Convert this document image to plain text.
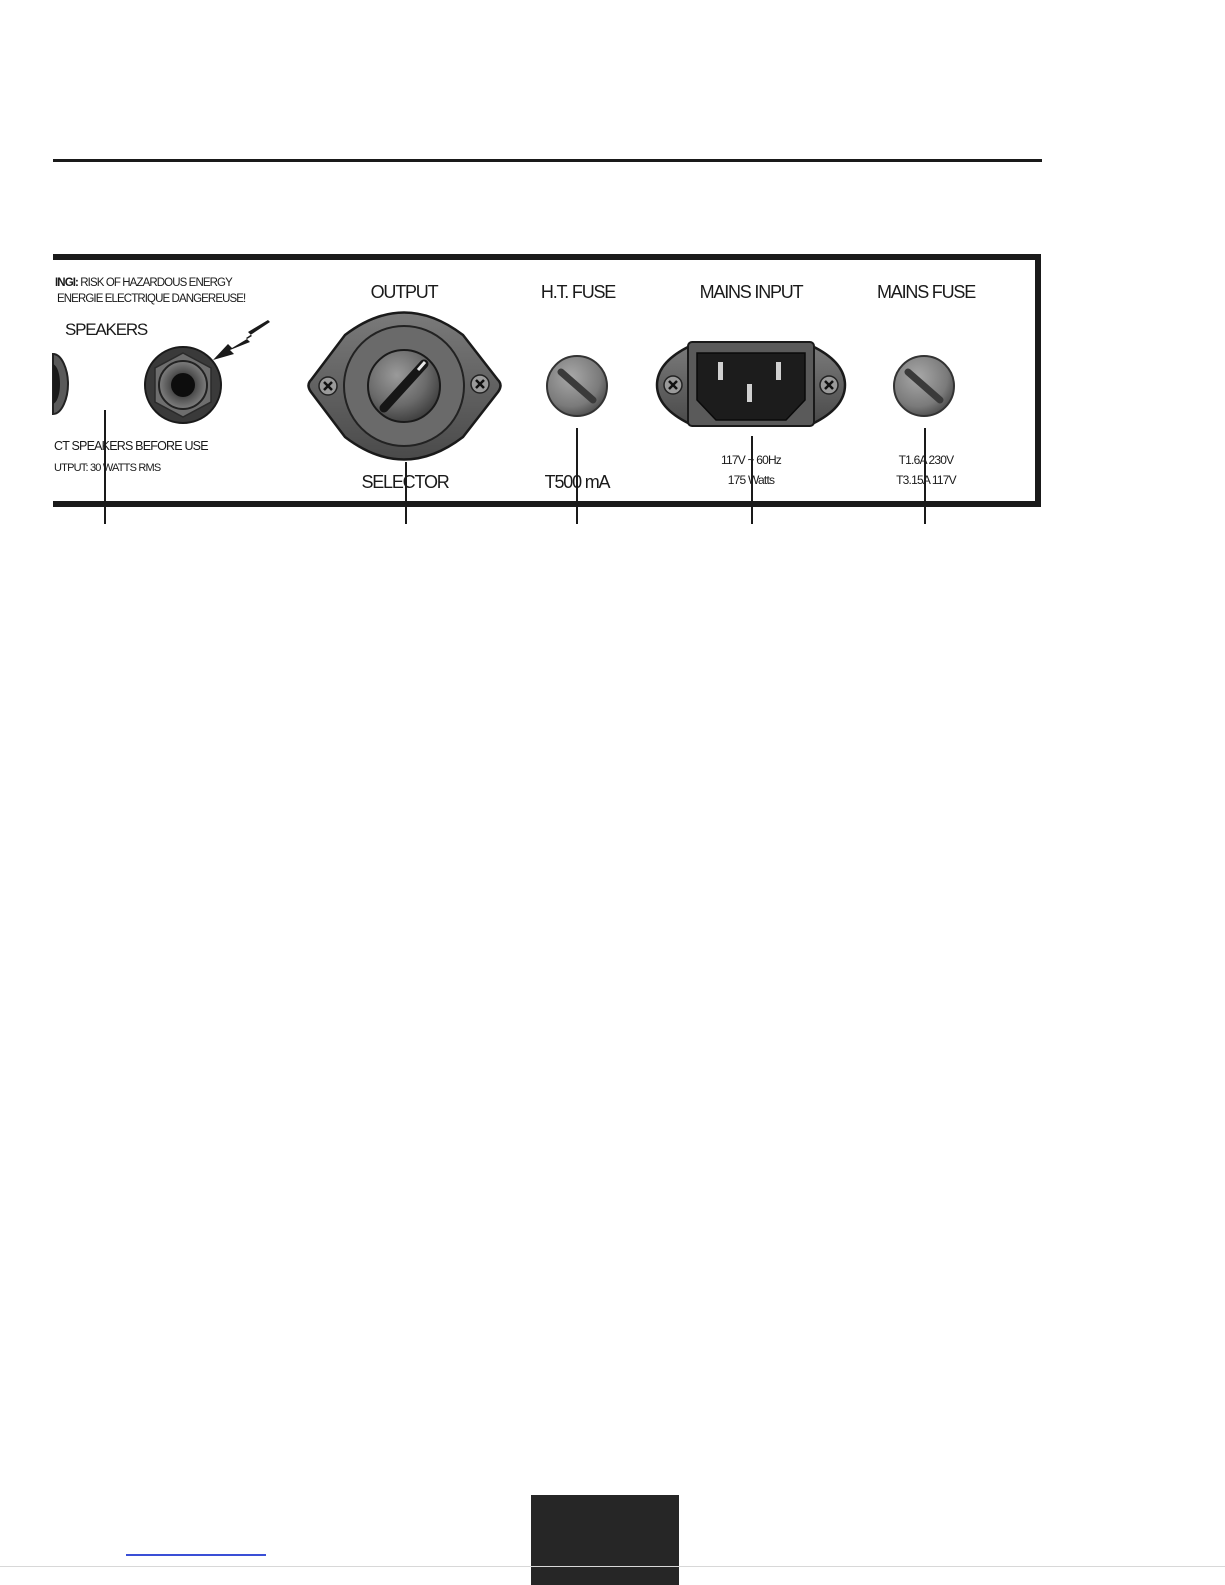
INGI: RISK OF HAZARDOUS ENERGY
ENERGIE ELECTRIQUE DANGEREUSE!
SPEAKERS
CT SPEAKERS BEFORE USE
UTPUT: 30 WATTS RMS
OUTPUT
SELECTOR
H.T. FUSE
T500 mA
MAINS INPUT
117V ~ 60Hz
175 Watts
MAINS FUSE
T1.6A 230V
T3.15A 117V
